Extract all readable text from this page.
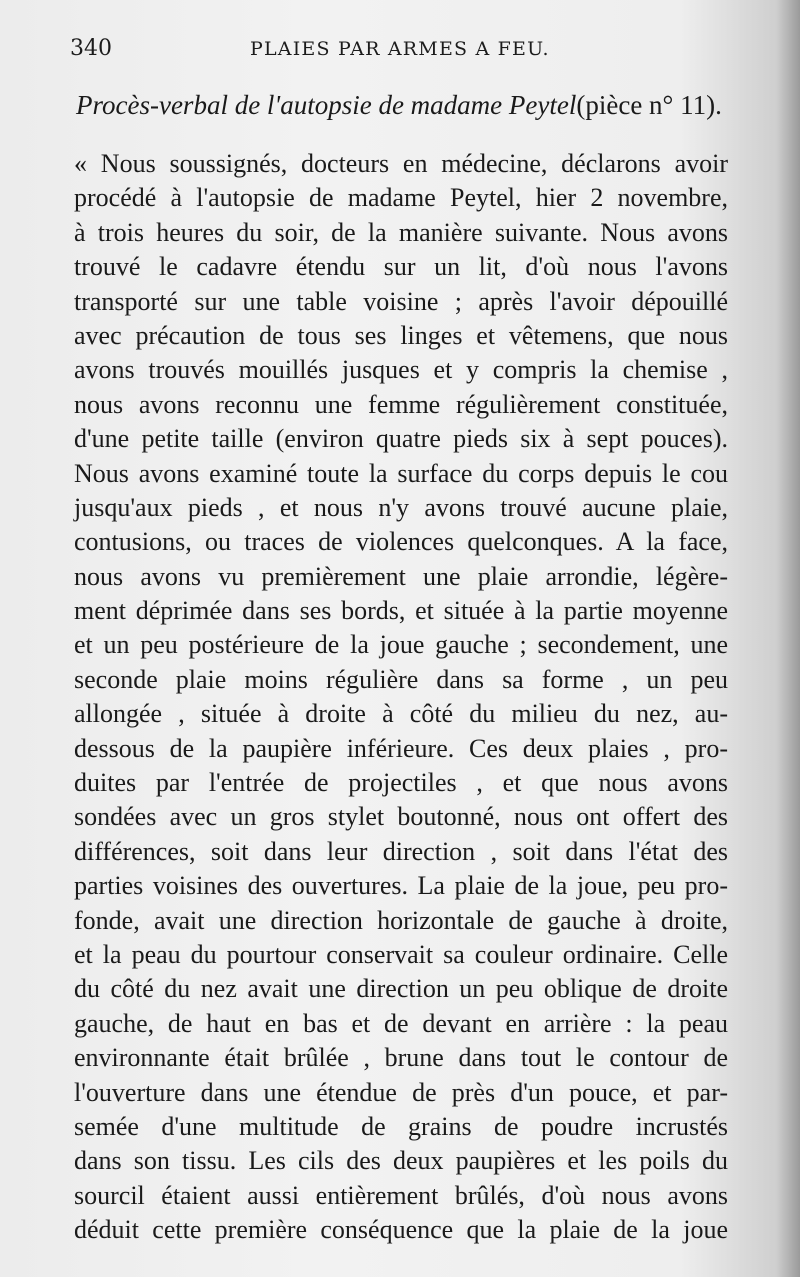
340	PLAIES PAR ARMES A FEU.
Procès-verbal de l'autopsie de madame Peytel(pièce n° 11).
« Nous soussignés, docteurs en médecine, déclarons avoir
procédé à l'autopsie de madame Peytel, hier 2 novembre,
à trois heures du soir, de la manière suivante. Nous avons
trouvé le cadavre étendu sur un lit, d'où nous l'avons
transporté sur une table voisine ; après l'avoir dépouillé
avec précaution de tous ses linges et vêtemens, que nous
avons trouvés mouillés jusques et y compris la chemise ,
nous avons reconnu une femme régulièrement constituée,
d'une petite taille (environ quatre pieds six à sept pouces).
Nous avons examiné toute la surface du corps depuis le cou
jusqu'aux pieds , et nous n'y avons trouvé aucune plaie,
contusions, ou traces de violences quelconques. A la face,
nous avons vu premièrement une plaie arrondie, légère-
ment déprimée dans ses bords, et située à la partie moyenne
et un peu postérieure de la joue gauche ; secondement, une
seconde plaie moins régulière dans sa forme , un peu
allongée , située à droite à côté du milieu du nez, au-
dessous de la paupière inférieure. Ces deux plaies , pro-
duites par l'entrée de projectiles , et que nous avons
sondées avec un gros stylet boutonné, nous ont offert des
différences, soit dans leur direction , soit dans l'état des
parties voisines des ouvertures. La plaie de la joue, peu pro-
fonde, avait une direction horizontale de gauche à droite,
et la peau du pourtour conservait sa couleur ordinaire. Celle
du côté du nez avait une direction un peu oblique de droite
gauche, de haut en bas et de devant en arrière : la peau
environnante était brûlée , brune dans tout le contour de
l'ouverture dans une étendue de près d'un pouce, et par-
semée d'une multitude de grains de poudre incrustés
dans son tissu. Les cils des deux paupières et les poils du
sourcil étaient aussi entièrement brûlés, d'où nous avons
déduit cette première conséquence que la plaie de la joue
